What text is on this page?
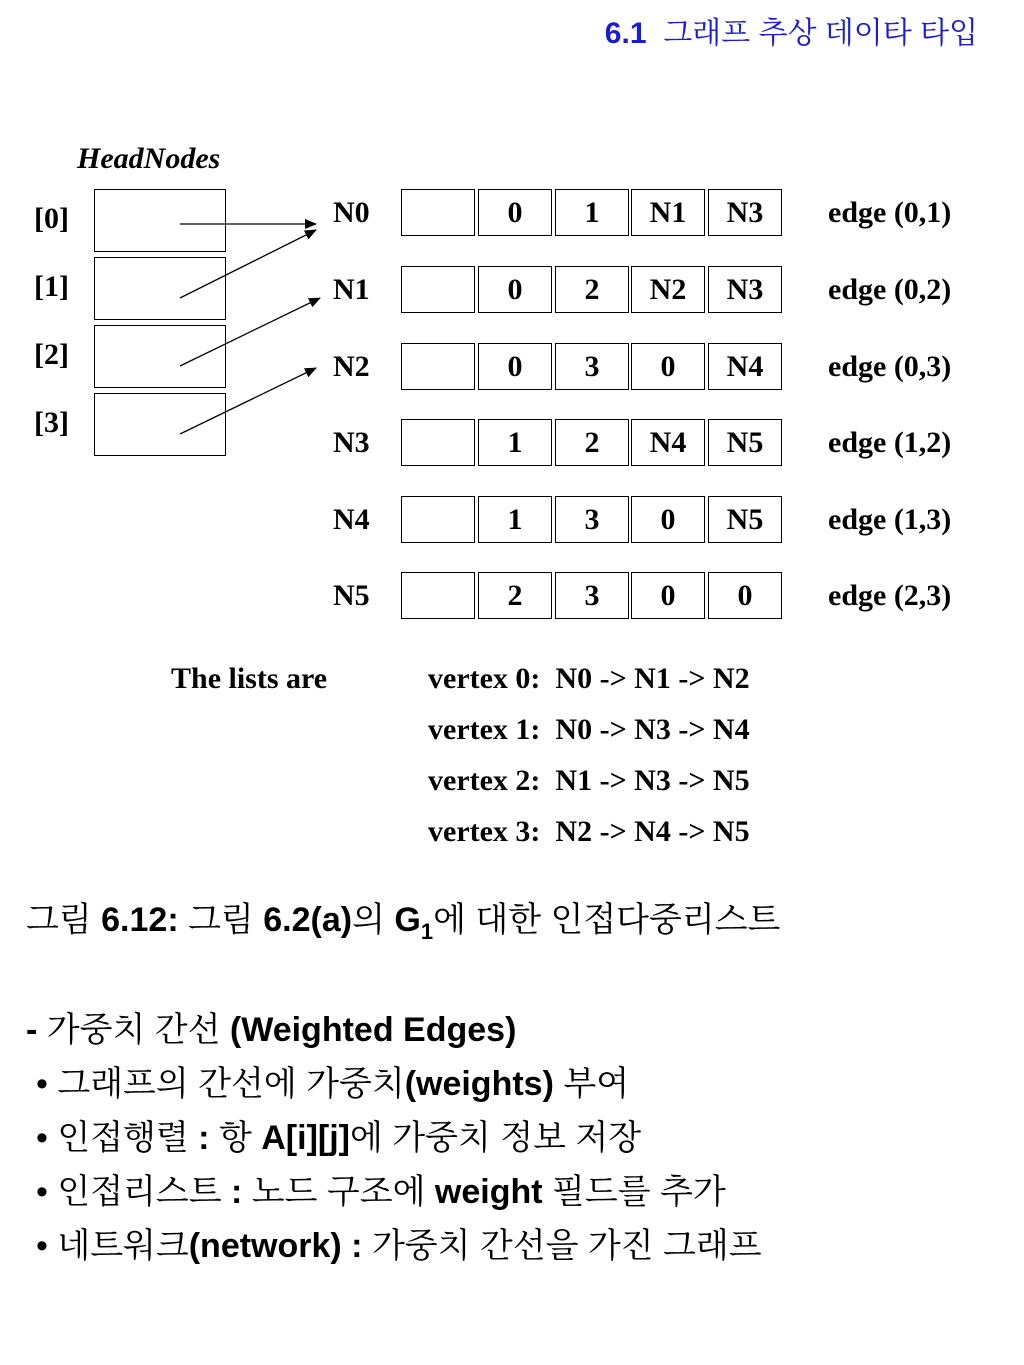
6.1 그래프 추상 데이타 타입
HeadNodes
[0]
[1]
[2]
[3]
N0	0	1	N1	N3	edge (0,1)
N1	0	2	N2	N3	edge (0,2)
N2	0	3	0	N4	edge (0,3)
N3	1	2	N4	N5	edge (1,2)
N4	1	3	0	N5	edge (1,3)
N5	2	3	0	0	edge (2,3)
The lists are	vertex 0:  N0 -> N1 -> N2
vertex 1:  N0 -> N3 -> N4
vertex 2:  N1 -> N3 -> N5
vertex 3:  N2 -> N4 -> N5
그림 6.12: 그림 6.2(a)의 $G_1$에 대한 인접다중리스트
- 가중치 간선 (Weighted Edges)
• 그래프의 간선에 가중치(weights) 부여
• 인접행렬 : 항 A[i][j]에 가중치 정보 저장
• 인접리스트 : 노드 구조에 weight 필드를 추가
• 네트워크(network) : 가중치 간선을 가진 그래프
